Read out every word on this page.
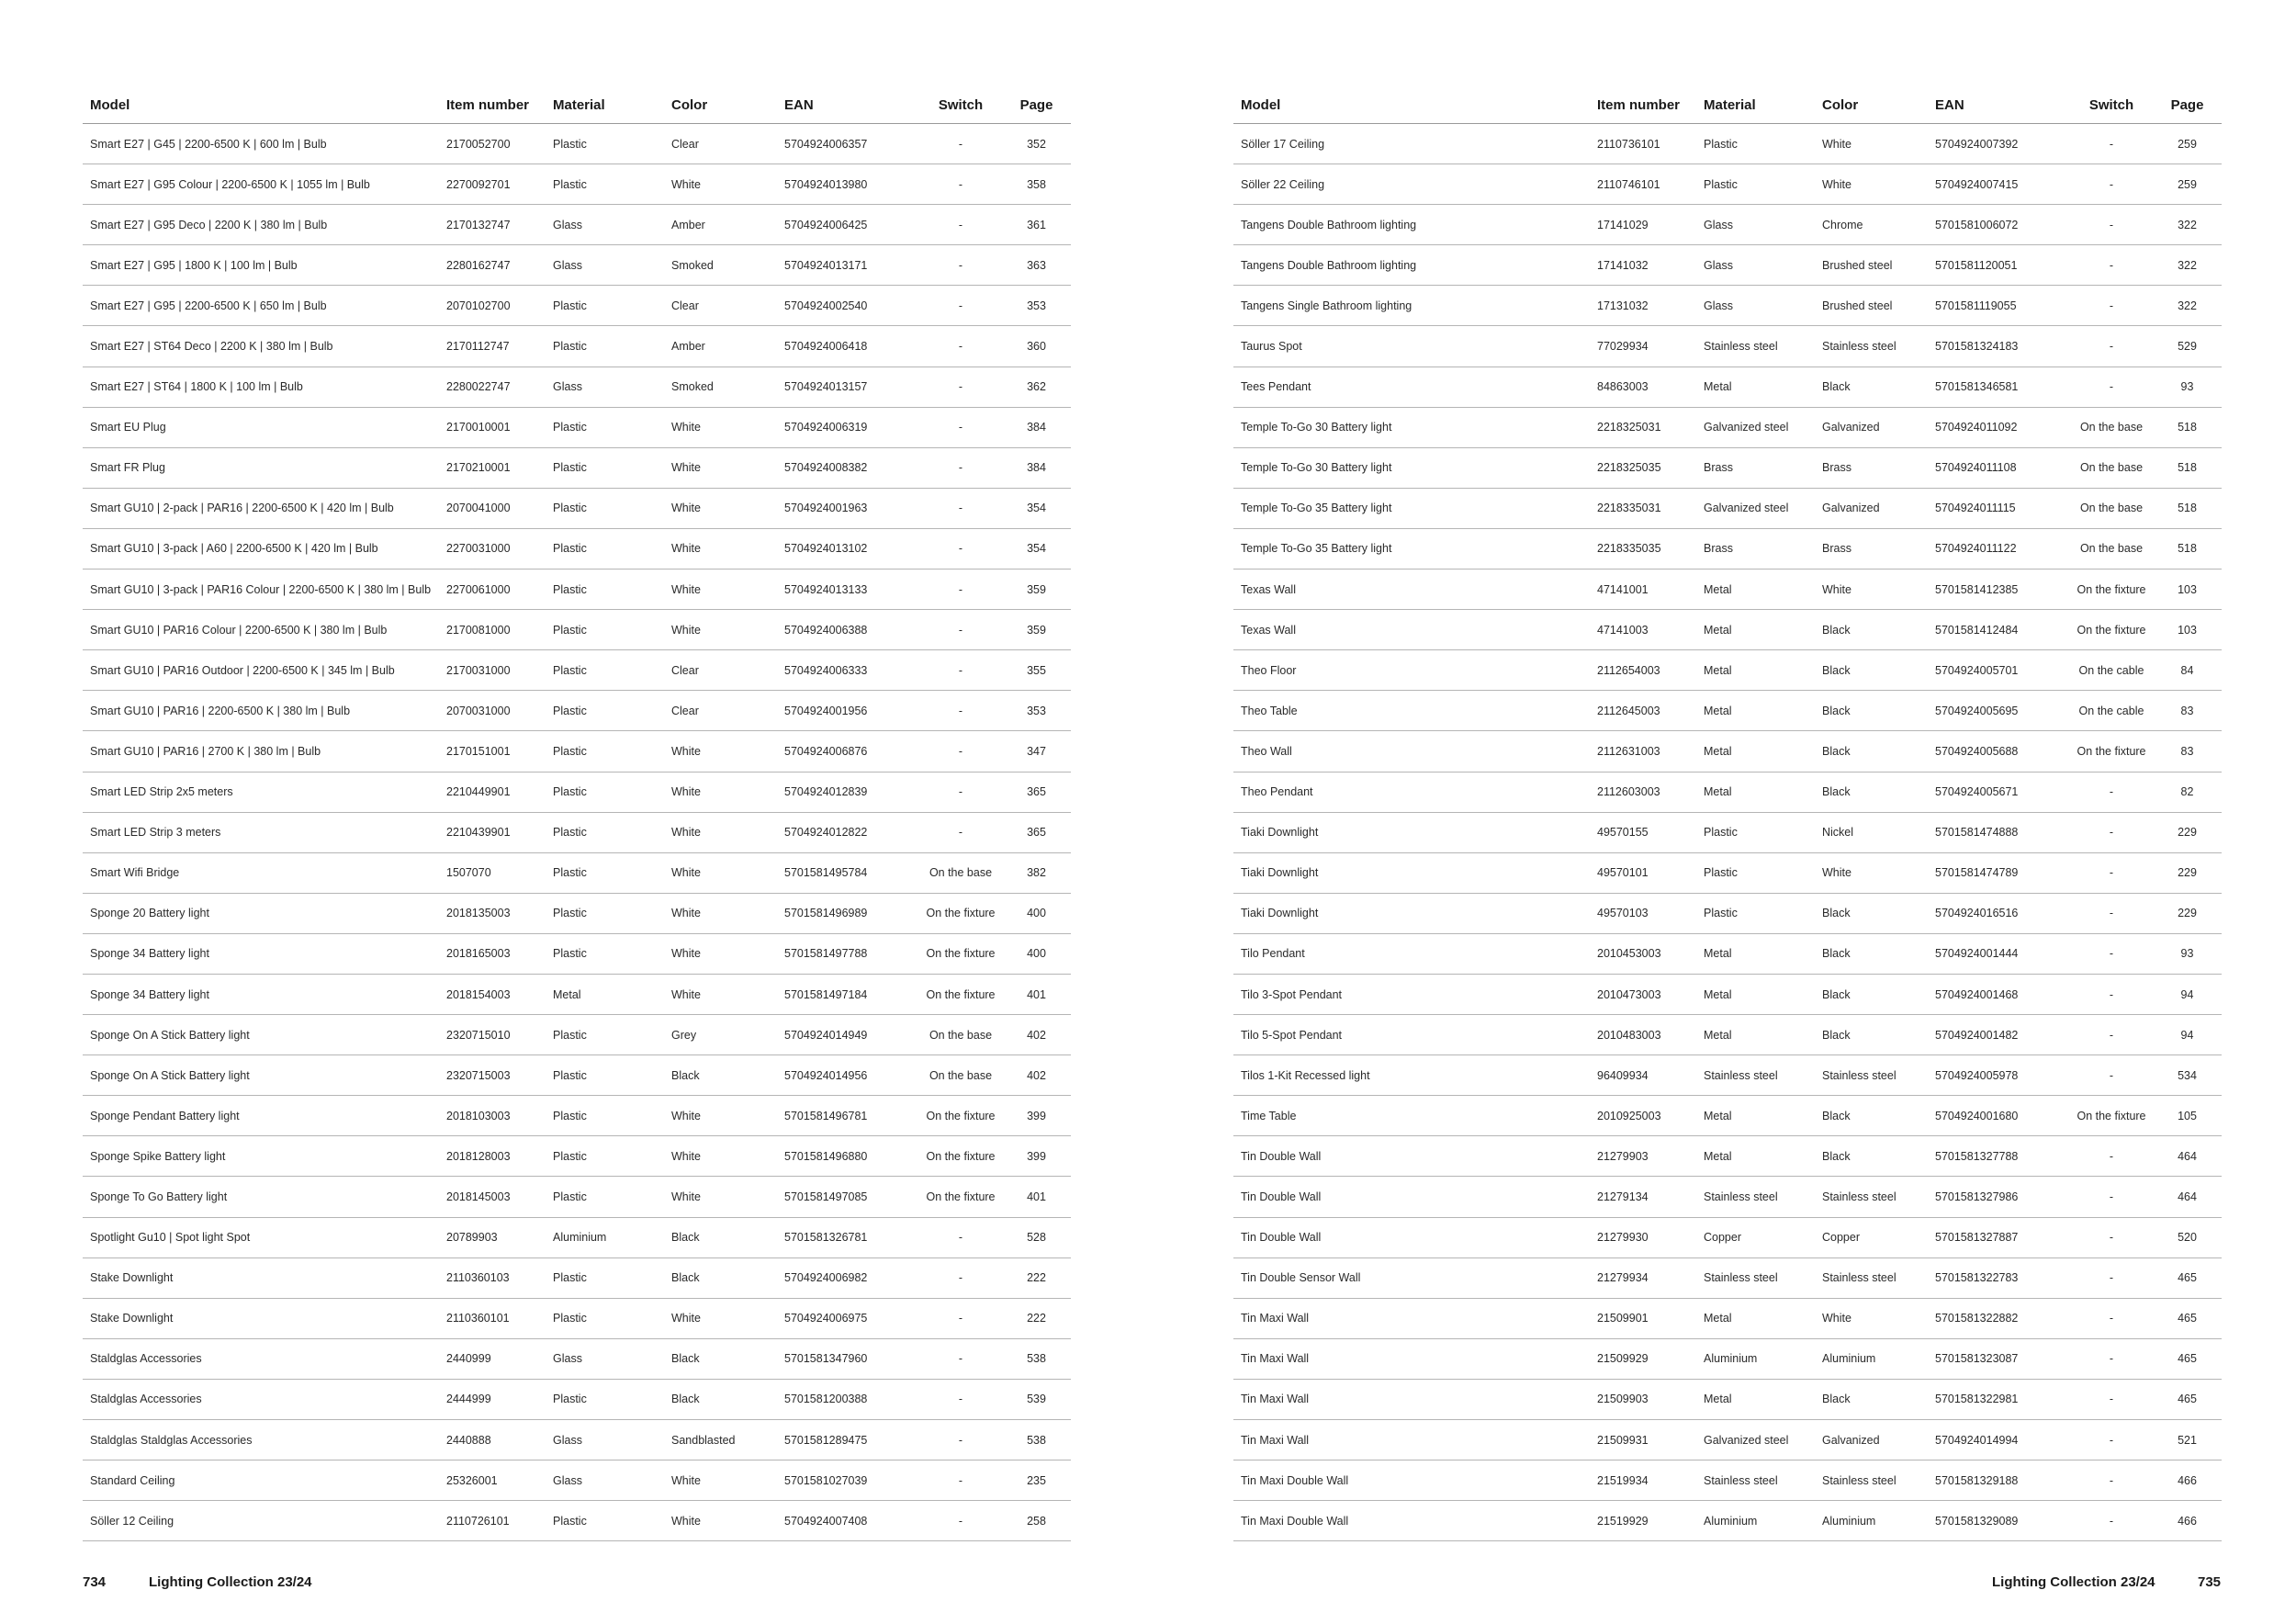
Model	Item number	Material	Color	EAN	Switch	Page
Smart E27 | G45 | 2200-6500 K | 600 lm | Bulb	2170052700	Plastic	Clear	5704924006357	-	352
Smart E27 | G95 Colour | 2200-6500 K | 1055 lm | Bulb	2270092701	Plastic	White	5704924013980	-	358
Smart E27 | G95 Deco | 2200 K | 380 lm | Bulb	2170132747	Glass	Amber	5704924006425	-	361
Smart E27 | G95 | 1800 K | 100 lm | Bulb	2280162747	Glass	Smoked	5704924013171	-	363
Smart E27 | G95 | 2200-6500 K | 650 lm | Bulb	2070102700	Plastic	Clear	5704924002540	-	353
Smart E27 | ST64 Deco | 2200 K | 380 lm | Bulb	2170112747	Plastic	Amber	5704924006418	-	360
Smart E27 | ST64 | 1800 K | 100 lm | Bulb	2280022747	Glass	Smoked	5704924013157	-	362
Smart EU Plug	2170010001	Plastic	White	5704924006319	-	384
Smart FR Plug	2170210001	Plastic	White	5704924008382	-	384
Smart GU10 | 2-pack | PAR16 | 2200-6500 K | 420 lm | Bulb	2070041000	Plastic	White	5704924001963	-	354
Smart GU10 | 3-pack | A60 | 2200-6500 K | 420 lm | Bulb	2270031000	Plastic	White	5704924013102	-	354
Smart GU10 | 3-pack | PAR16 Colour | 2200-6500 K | 380 lm | Bulb	2270061000	Plastic	White	5704924013133	-	359
Smart GU10 | PAR16 Colour | 2200-6500 K | 380 lm | Bulb	2170081000	Plastic	White	5704924006388	-	359
Smart GU10 | PAR16 Outdoor | 2200-6500 K | 345 lm | Bulb	2170031000	Plastic	Clear	5704924006333	-	355
Smart GU10 | PAR16 | 2200-6500 K | 380 lm | Bulb	2070031000	Plastic	Clear	5704924001956	-	353
Smart GU10 | PAR16 | 2700 K | 380 lm | Bulb	2170151001	Plastic	White	5704924006876	-	347
Smart LED Strip 2x5 meters	2210449901	Plastic	White	5704924012839	-	365
Smart LED Strip 3 meters	2210439901	Plastic	White	5704924012822	-	365
Smart Wifi Bridge	1507070	Plastic	White	5701581495784	On the base	382
Sponge 20 Battery light	2018135003	Plastic	White	5701581496989	On the fixture	400
Sponge 34 Battery light	2018165003	Plastic	White	5701581497788	On the fixture	400
Sponge 34 Battery light	2018154003	Metal	White	5701581497184	On the fixture	401
Sponge On A Stick Battery light	2320715010	Plastic	Grey	5704924014949	On the base	402
Sponge On A Stick Battery light	2320715003	Plastic	Black	5704924014956	On the base	402
Sponge Pendant Battery light	2018103003	Plastic	White	5701581496781	On the fixture	399
Sponge Spike Battery light	2018128003	Plastic	White	5701581496880	On the fixture	399
Sponge To Go Battery light	2018145003	Plastic	White	5701581497085	On the fixture	401
Spotlight Gu10 | Spot light Spot	20789903	Aluminium	Black	5701581326781	-	528
Stake Downlight	2110360103	Plastic	Black	5704924006982	-	222
Stake Downlight	2110360101	Plastic	White	5704924006975	-	222
Staldglas Accessories	2440999	Glass	Black	5701581347960	-	538
Staldglas Accessories	2444999	Plastic	Black	5701581200388	-	539
Staldglas Staldglas Accessories	2440888	Glass	Sandblasted	5701581289475	-	538
Standard Ceiling	25326001	Glass	White	5701581027039	-	235
Söller 12 Ceiling	2110726101	Plastic	White	5704924007408	-	258
734	Lighting Collection 23/24
Model	Item number	Material	Color	EAN	Switch	Page
Söller 17 Ceiling	2110736101	Plastic	White	5704924007392	-	259
Söller 22 Ceiling	2110746101	Plastic	White	5704924007415	-	259
Tangens Double Bathroom lighting	17141029	Glass	Chrome	5701581006072	-	322
Tangens Double Bathroom lighting	17141032	Glass	Brushed steel	5701581120051	-	322
Tangens Single Bathroom lighting	17131032	Glass	Brushed steel	5701581119055	-	322
Taurus Spot	77029934	Stainless steel	Stainless steel	5701581324183	-	529
Tees Pendant	84863003	Metal	Black	5701581346581	-	93
Temple To-Go 30 Battery light	2218325031	Galvanized steel	Galvanized	5704924011092	On the base	518
Temple To-Go 30 Battery light	2218325035	Brass	Brass	5704924011108	On the base	518
Temple To-Go 35 Battery light	2218335031	Galvanized steel	Galvanized	5704924011115	On the base	518
Temple To-Go 35 Battery light	2218335035	Brass	Brass	5704924011122	On the base	518
Texas Wall	47141001	Metal	White	5701581412385	On the fixture	103
Texas Wall	47141003	Metal	Black	5701581412484	On the fixture	103
Theo Floor	2112654003	Metal	Black	5704924005701	On the cable	84
Theo Table	2112645003	Metal	Black	5704924005695	On the cable	83
Theo Wall	2112631003	Metal	Black	5704924005688	On the fixture	83
Theo Pendant	2112603003	Metal	Black	5704924005671	-	82
Tiaki Downlight	49570155	Plastic	Nickel	5701581474888	-	229
Tiaki Downlight	49570101	Plastic	White	5701581474789	-	229
Tiaki Downlight	49570103	Plastic	Black	5704924016516	-	229
Tilo Pendant	2010453003	Metal	Black	5704924001444	-	93
Tilo 3-Spot Pendant	2010473003	Metal	Black	5704924001468	-	94
Tilo 5-Spot Pendant	2010483003	Metal	Black	5704924001482	-	94
Tilos 1-Kit Recessed light	96409934	Stainless steel	Stainless steel	5704924005978	-	534
Time Table	2010925003	Metal	Black	5704924001680	On the fixture	105
Tin Double Wall	21279903	Metal	Black	5701581327788	-	464
Tin Double Wall	21279134	Stainless steel	Stainless steel	5701581327986	-	464
Tin Double Wall	21279930	Copper	Copper	5701581327887	-	520
Tin Double Sensor Wall	21279934	Stainless steel	Stainless steel	5701581322783	-	465
Tin Maxi Wall	21509901	Metal	White	5701581322882	-	465
Tin Maxi Wall	21509929	Aluminium	Aluminium	5701581323087	-	465
Tin Maxi Wall	21509903	Metal	Black	5701581322981	-	465
Tin Maxi Wall	21509931	Galvanized steel	Galvanized	5704924014994	-	521
Tin Maxi Double Wall	21519934	Stainless steel	Stainless steel	5701581329188	-	466
Tin Maxi Double Wall	21519929	Aluminium	Aluminium	5701581329089	-	466
Lighting Collection 23/24	735
